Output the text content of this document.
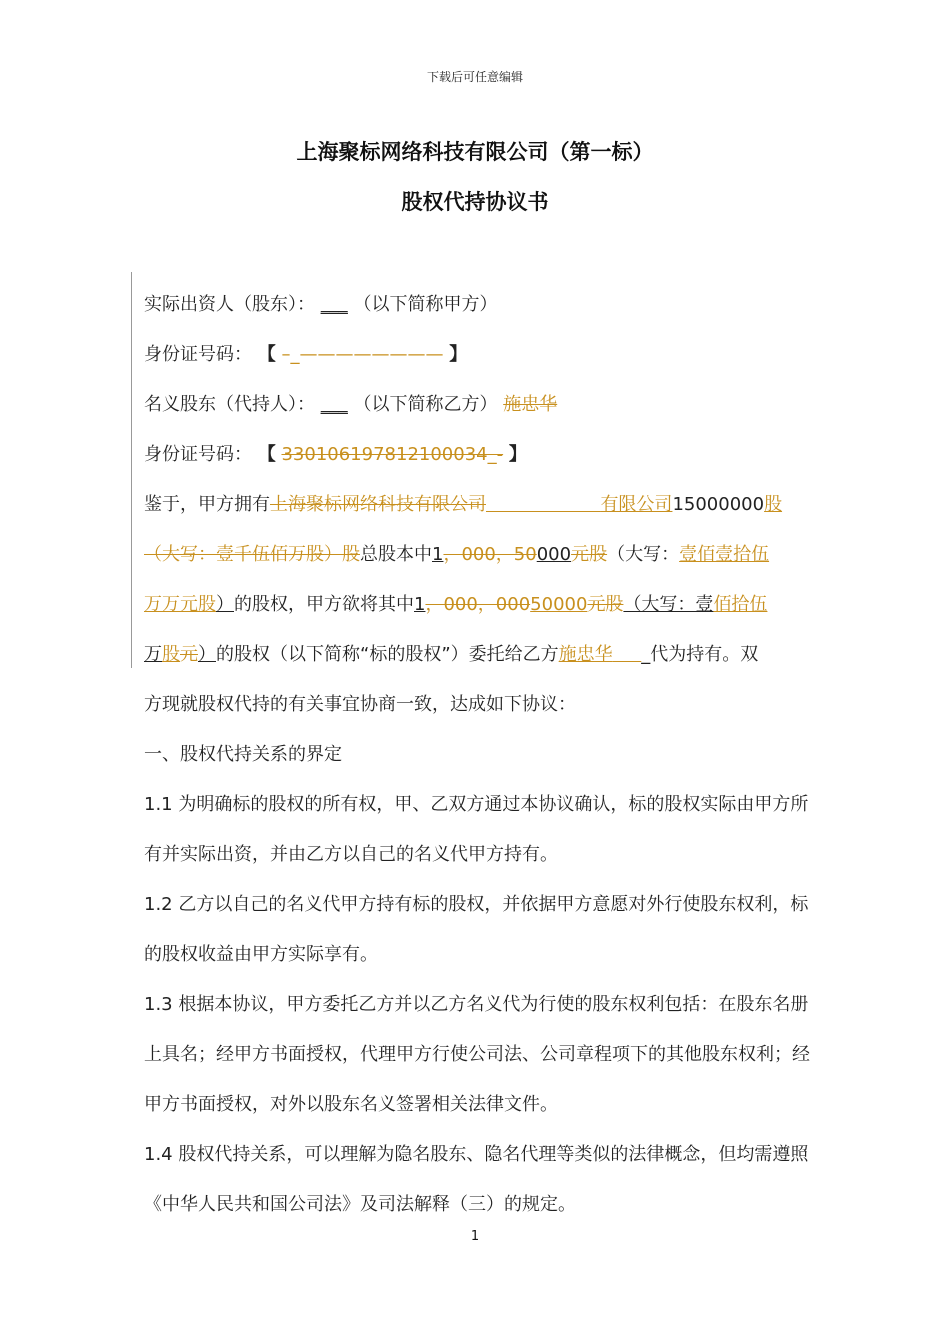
下载后可任意编辑
上海聚标网络科技有限公司（第一标）
股权代持协议书
实际出资人（股东）： ___ （以下简称甲方）
身份证号码： 【 –_———————— 】
名义股东（代持人）： ___ （以下简称乙方） 施忠华
身份证号码： 【 330106197812100034_- 】
鉴于，甲方拥有上海聚标网络科技有限公司	有限公司15000000股
（大写：壹千伍佰万股）股总股本中1，000，50000元股（大写：壹佰壹拾伍
万万元股）的股权，甲方欲将其中1，000，00050000元股（大写：壹佰拾伍
万股元）的股权（以下简称“标的股权”）委托给乙方施忠华 _代为持有。双
方现就股权代持的有关事宜协商一致，达成如下协议：
一、股权代持关系的界定
1.1 为明确标的股权的所有权，甲、乙双方通过本协议确认，标的股权实际由甲方所有并实际出资，并由乙方以自己的名义代甲方持有。
1.2 乙方以自己的名义代甲方持有标的股权，并依据甲方意愿对外行使股东权利，标的股权收益由甲方实际享有。
1.3 根据本协议，甲方委托乙方并以乙方名义代为行使的股东权利包括：在股东名册上具名；经甲方书面授权，代理甲方行使公司法、公司章程项下的其他股东权利；经甲方书面授权，对外以股东名义签署相关法律文件。
1.4 股权代持关系，可以理解为隐名股东、隐名代理等类似的法律概念，但均需遵照《中华人民共和国公司法》及司法解释（三）的规定。
1
